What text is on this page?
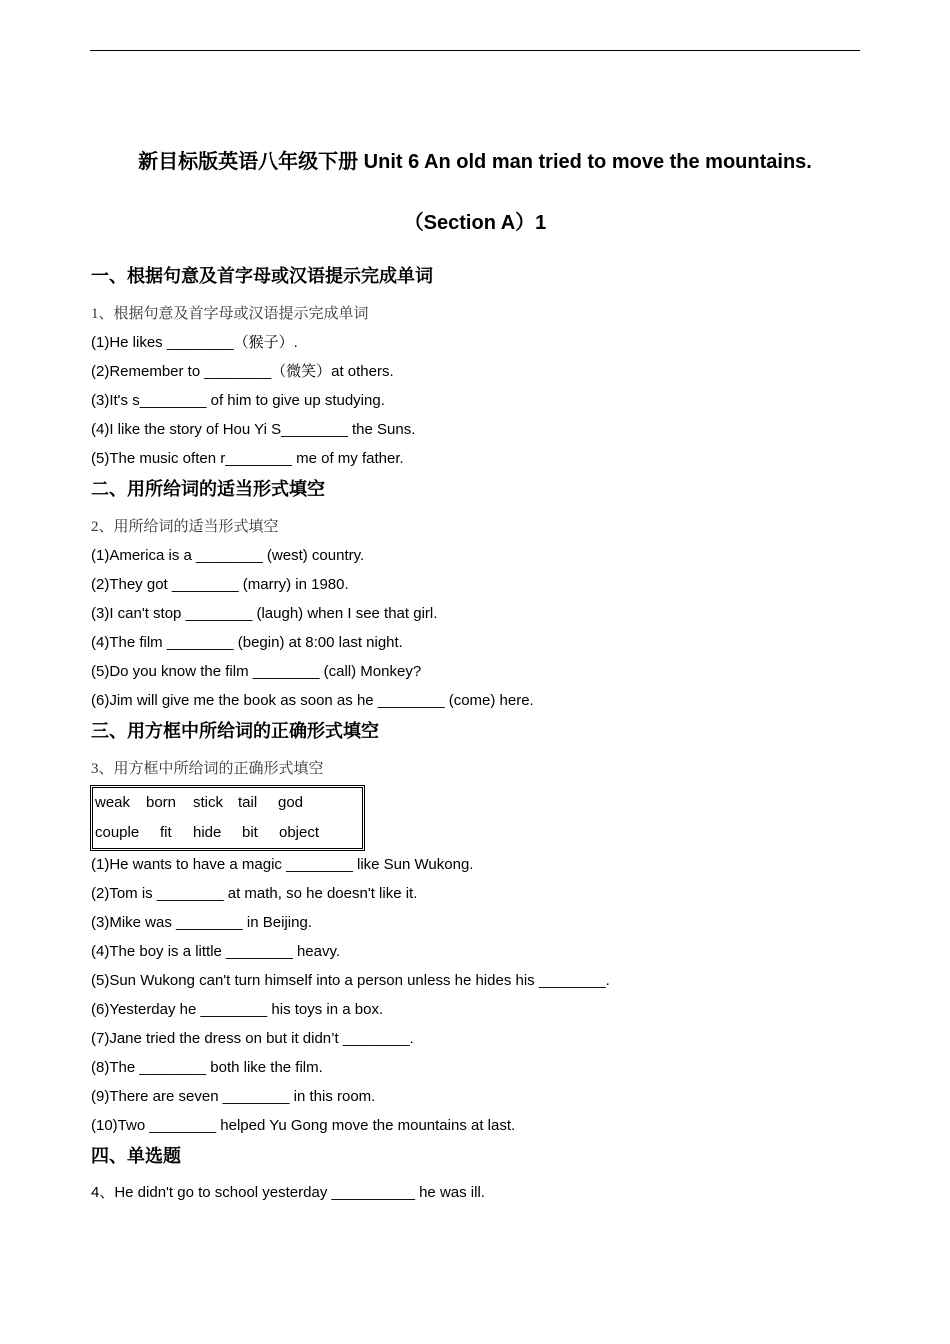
新目标版英语八年级下册 Unit 6 An old man tried to move the mountains.
（Section A）1
一、根据句意及首字母或汉语提示完成单词
1、根据句意及首字母或汉语提示完成单词
(1)He likes ________（猴子）.
(2)Remember to ________（微笑）at others.
(3)It's s________ of him to give up studying.
(4)I like the story of Hou Yi S________ the Suns.
(5)The music often r________ me of my father.
二、用所给词的适当形式填空
2、用所给词的适当形式填空
(1)America is a ________ (west) country.
(2)They got ________ (marry) in 1980.
(3)I can't stop ________ (laugh) when I see that girl.
(4)The film ________ (begin) at 8:00 last night.
(5)Do you know the film ________ (call) Monkey?
(6)Jim will give me the book as soon as he ________ (come) here.
三、用方框中所给词的正确形式填空
3、用方框中所给词的正确形式填空
weak born stick tail god
couple fit hide bit object
(1)He wants to have a magic ________ like Sun Wukong.
(2)Tom is ________ at math, so he doesn't like it.
(3)Mike was ________ in Beijing.
(4)The boy is a little ________ heavy.
(5)Sun Wukong can't turn himself into a person unless he hides his ________.
(6)Yesterday he ________ his toys in a box.
(7)Jane tried the dress on but it didn’t ________.
(8)The ________ both like the film.
(9)There are seven ________ in this room.
(10)Two ________ helped Yu Gong move the mountains at last.
四、单选题
4、He didn't go to school yesterday __________ he was ill.
